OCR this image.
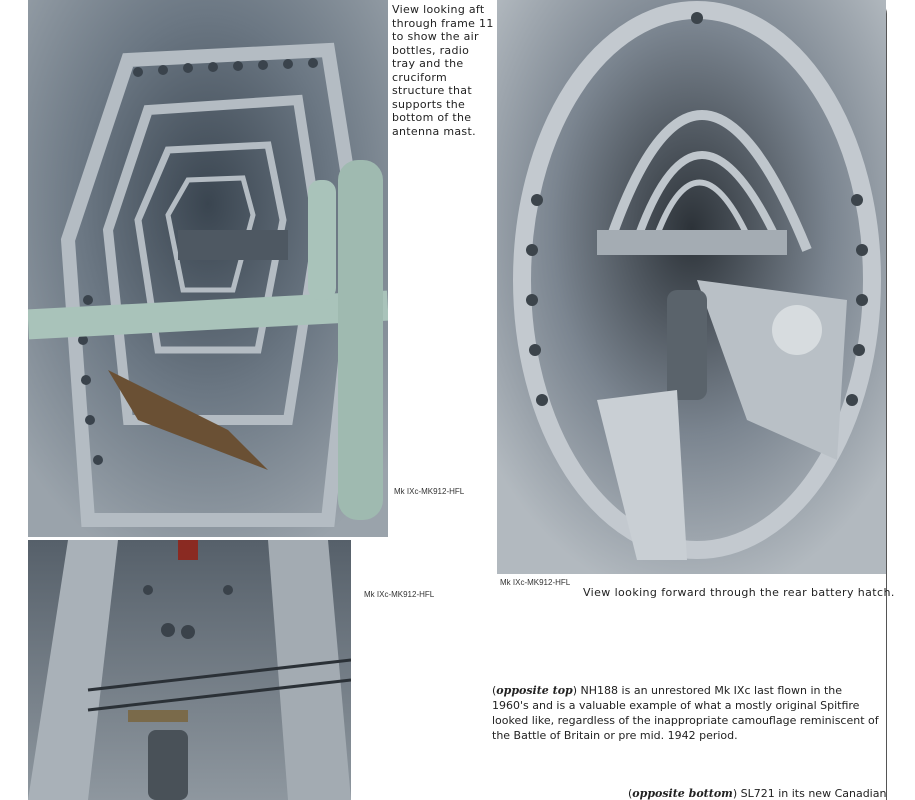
View looking aft through frame 11 to show the air bottles, radio tray and the cruciform structure that supports the bottom of the antenna mast.
Mk IXc-MK912-HFL
Mk IXc-MK912-HFL
View looking forward through the rear battery hatch.
Mk IXc-MK912-HFL
(opposite top) NH188 is an unrestored Mk IXc last flown in the 1960's and is a valuable example of what a mostly original Spitfire looked like, regardless of the inappropriate camouflage reminiscent of the Battle of Britain or pre mid. 1942 period.
(opposite bottom) SL721 in its new Canadian
